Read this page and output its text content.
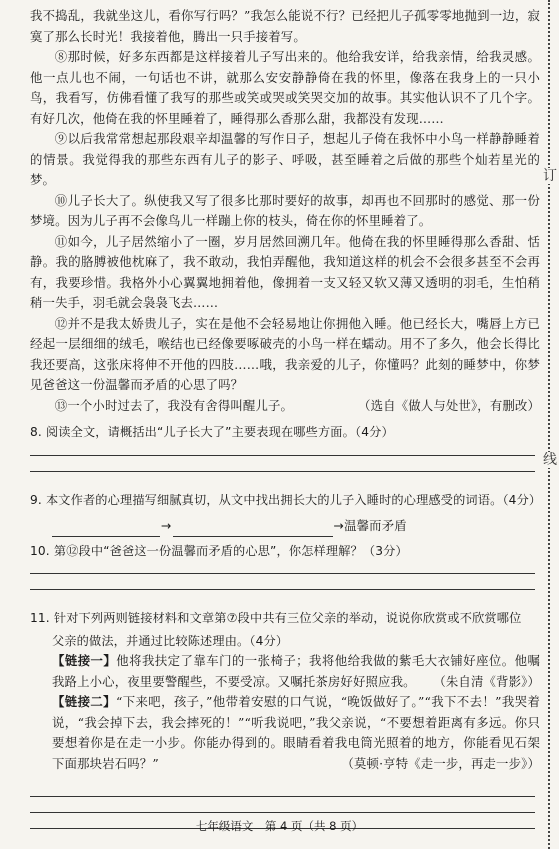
我不捣乱，我就坐这儿，看你写行吗？”我怎么能说不行？已经把儿子孤零零地抛到一边，寂寞了那么长时光！我接着他，腾出一只手接着写。

⑧那时候，好多东西都是这样接着儿子写出来的。他给我安详，给我亲情，给我灵感。他一点儿也不闹，一句话也不讲，就那么安安静静倚在我的怀里，像落在我身上的一只小鸟，我看写，仿佛看懂了我写的那些或笑或哭或笑哭交加的故事。其实他认识不了几个字。有好几次，他倚在我的怀里睡着了，睡得那么香那么甜，我都没有发现……

⑨以后我常常想起那段艰辛却温馨的写作日子，想起儿子倚在我怀中小鸟一样静静睡着的情景。我觉得我的那些东西有儿子的影子、呼吸，甚至睡着之后做的那些个灿若星光的梦。

⑩儿子长大了。纵使我又写了很多比那时要好的故事，却再也不回那时的感觉、那一份梦境。因为儿子再不会像鸟儿一样蹦上你的枝头，倚在你的怀里睡着了。

⑪如今，儿子居然缩小了一圈，岁月居然回溯几年。他倚在我的怀里睡得那么香甜、恬静。我的胳膊被他枕麻了，我不敢动，我怕弄醒他，我知道这样的机会不会很多甚至不会再有，我要珍惜。我格外小心翼翼地拥着他，像拥着一支又轻又软又薄又透明的羽毛，生怕稍稍一失手，羽毛就会袅袅飞去……

⑫并不是我太娇贵儿子，实在是他不会轻易地让你拥他入睡。他已经长大，嘴唇上方已经起一层细细的绒毛，喉结也已经像要啄破壳的小鸟一样在蠕动。用不了多久，他会长得比我还要高，这张床将伸不开他的四肢……哦，我亲爱的儿子，你懂吗？此刻的睡梦中，你梦见爸爸这一份温馨而矛盾的心思了吗？

⑬一个小时过去了，我没有舍得叫醒儿子。	（选自《做人与处世》，有删改）

8. 阅读全文，请概括出“儿子长大了”主要表现在哪些方面。（4分）

9. 本文作者的心理描写细腻真切，从文中找出拥长大的儿子入睡时的心理感受的词语。（4分）

→	→温馨而矛盾

10. 第⑫段中“爸爸这一份温馨而矛盾的心思”，你怎样理解？（3分）

11. 针对下列两则链接材料和文章第⑦段中共有三位父亲的举动，说说你欣赏或不欣赏哪位

父亲的做法，并通过比较陈述理由。（4分）

【链接一】他将我扶定了靠车门的一张椅子；我将他给我做的紫毛大衣铺好座位。他嘱我路上小心，夜里要警醒些，不要受凉。又嘱托茶房好好照应我。 （朱自清《背影》）

【链接二】“下来吧，孩子，”他带着安慰的口气说，“晚饭做好了。”“我下不去！”我哭着说，“我会掉下去，我会摔死的！”“听我说吧，”我父亲说，“不要想着距离有多远。你只要想着你是在走一小步。你能办得到的。眼睛看着我电筒光照着的地方，你能看见石架下面那块岩石吗？”	（莫顿·亨特《走一步，再走一步》）

订
线
七年级语文　第 4 页（共 8 页）
